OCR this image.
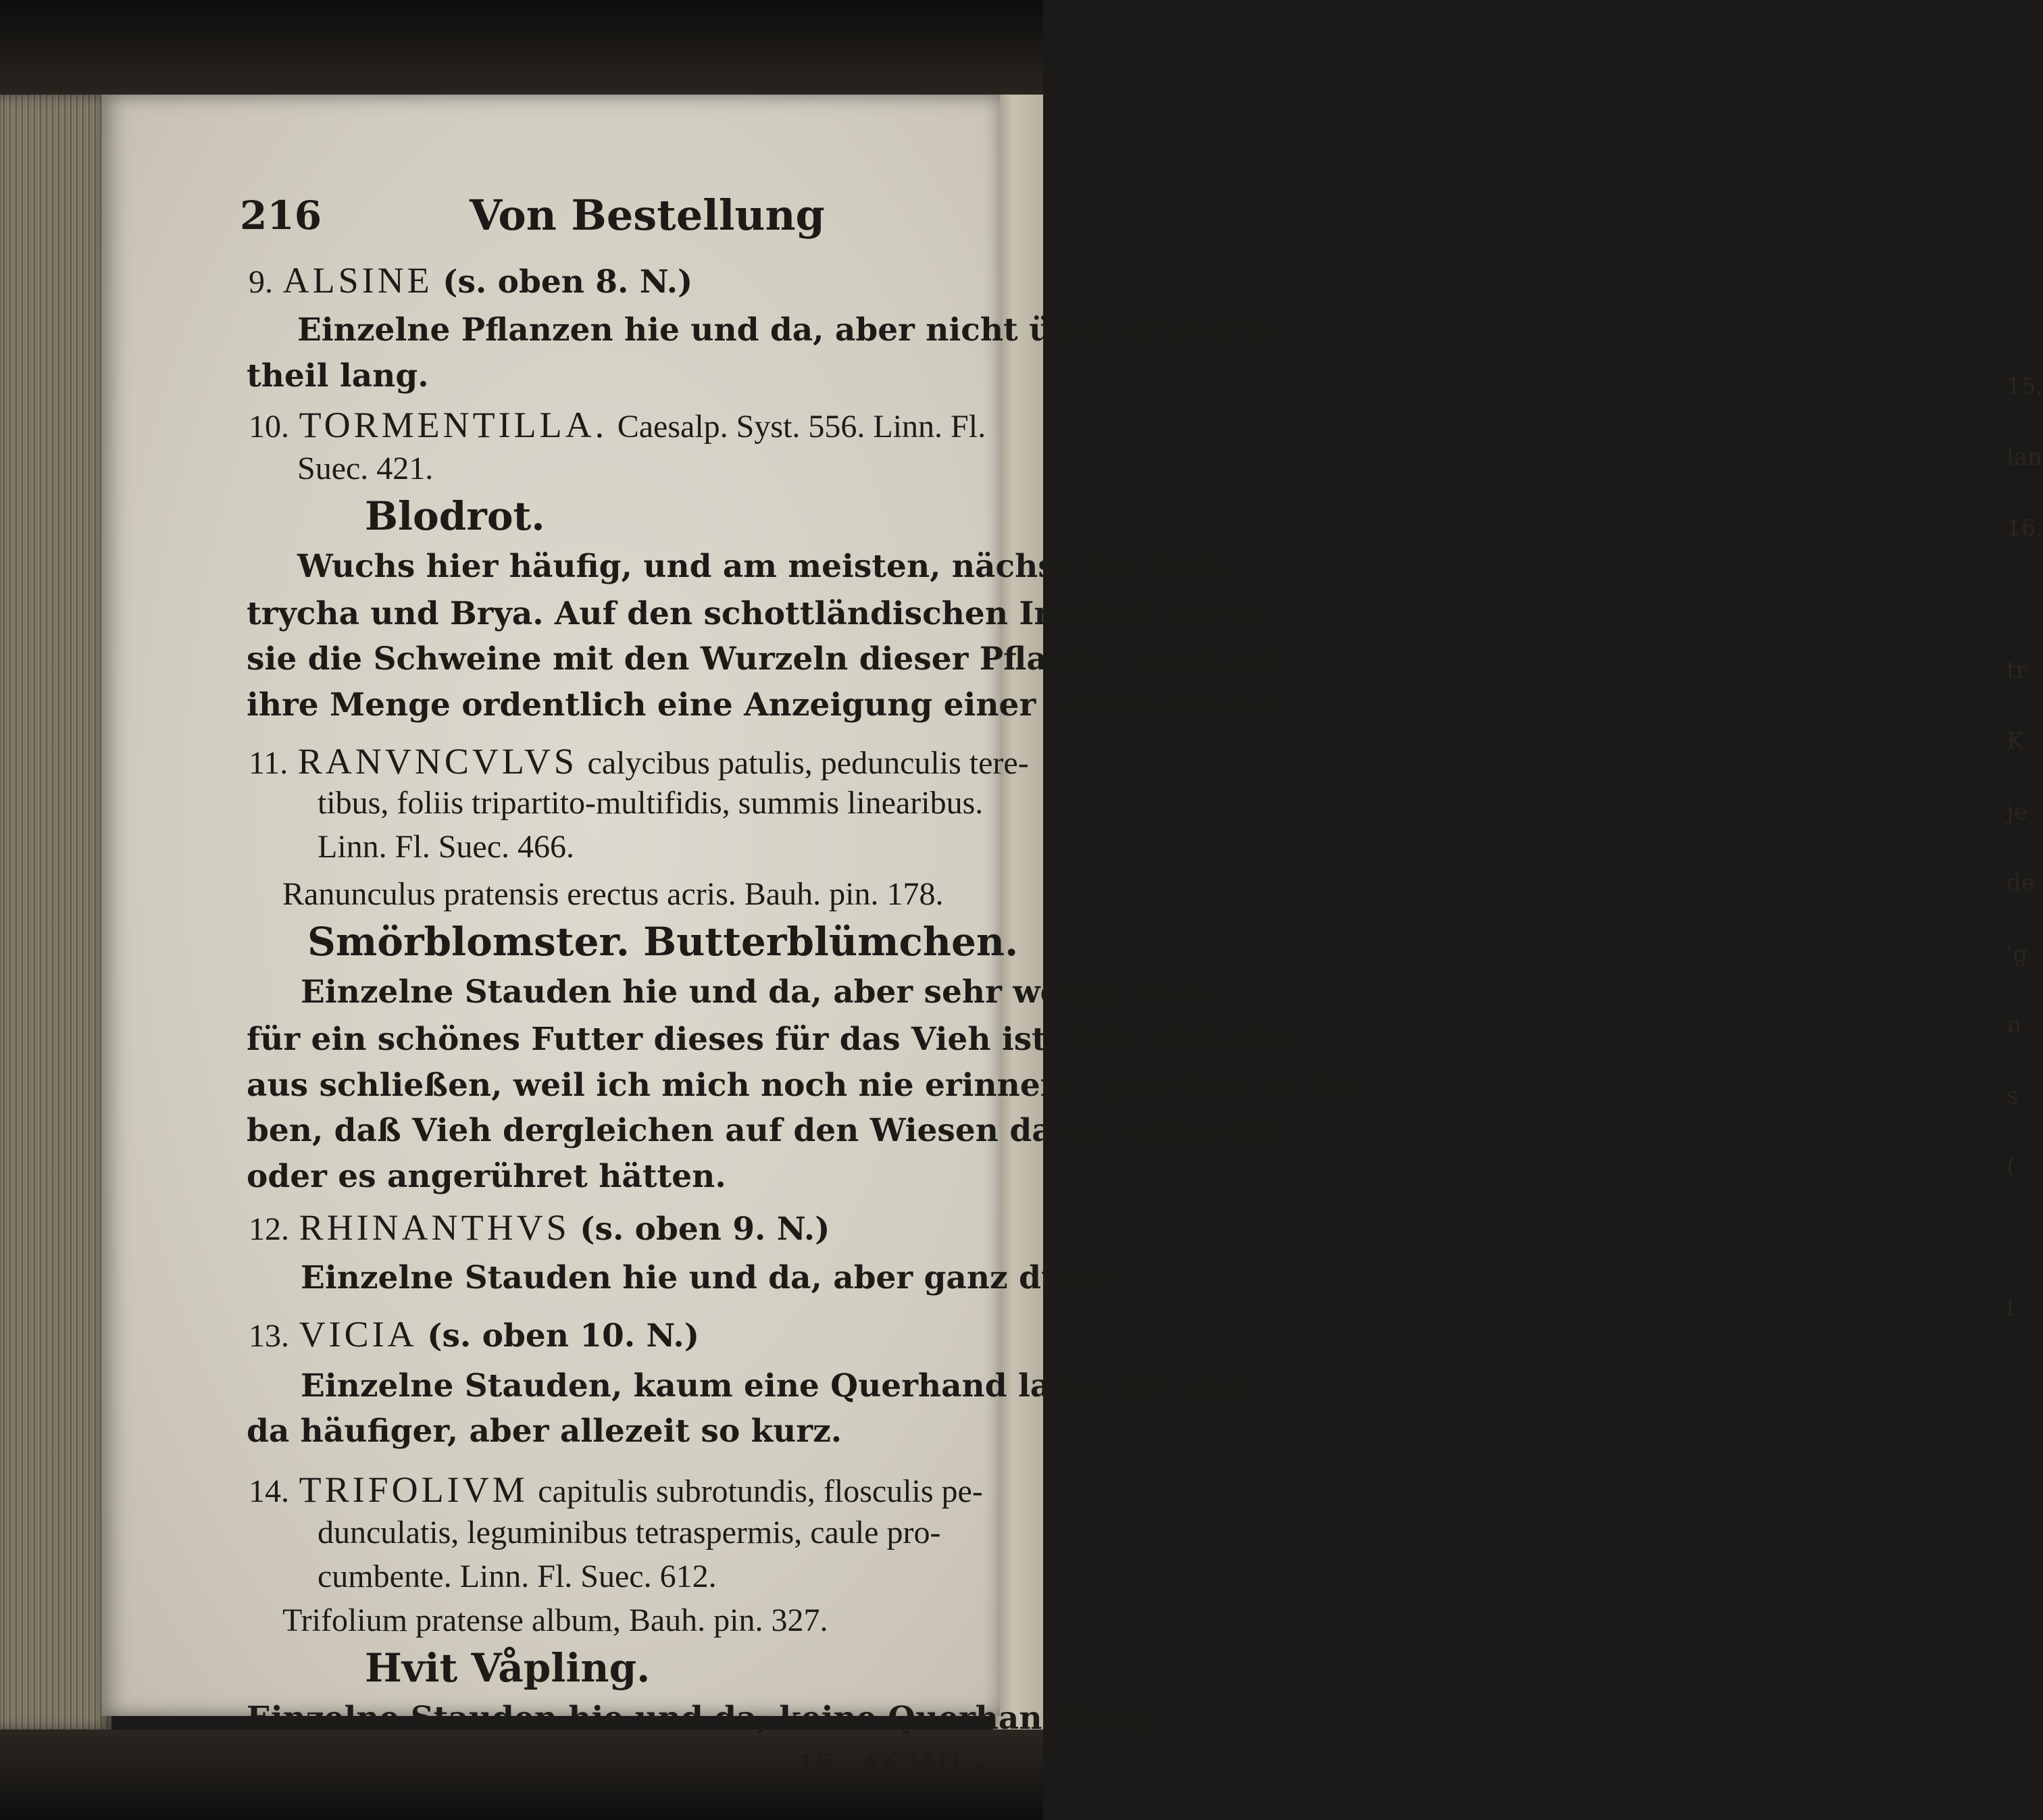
15.
lan
16.

tr
K
je
de
'g
n
s
(

l

216	Von Bestellung

9. ALSINE (s. oben 8. N.)

Einzelne Pflanzen hie und da, aber nicht über ein Vier-

theil lang.

10. TORMENTILLA. Caesalp. Syst. 556. Linn. Fl.

Suec. 421.

Blodrot.

Wuchs hier häufig, und am meisten, nächst der Poly-

trycha und Brya. Auf den schottländischen Inseln füttern

sie die Schweine mit den Wurzeln dieser Pflanze, sonst ist

ihre Menge ordentlich eine Anzeigung einer armen Wiese.

11. RANVNCVLVS calycibus patulis, pedunculis tere-

tibus, foliis tripartito-multifidis, summis linearibus.

Linn. Fl. Suec. 466.

Ranunculus pratensis erectus acris. Bauh. pin. 178.

Smörblomster. Butterblümchen.

Einzelne Stauden hie und da, aber sehr wenig. Was

für ein schönes Futter dieses für das Vieh ist, läßt sich dar-

aus schließen, weil ich mich noch nie erinnere, gesehen zu ha-

ben, daß Vieh dergleichen auf den Wiesen davon gekostet,

oder es angerühret hätten.

12. RHINANTHVS (s. oben 9. N.)

Einzelne Stauden hie und da, aber ganz dürre.

13. VICIA (s. oben 10. N.)

Einzelne Stauden, kaum eine Querhand lang, hie und

da häufiger, aber allezeit so kurz.

14. TRIFOLIVM capitulis subrotundis, flosculis pe-

dunculatis, leguminibus tetraspermis, caule pro-

cumbente. Linn. Fl. Suec. 612.

Trifolium pratense album, Bauh. pin. 327.

Hvit Våpling.

Einzelne Stauden hie und da, keine Querhand lang.

15. ACHIL-
